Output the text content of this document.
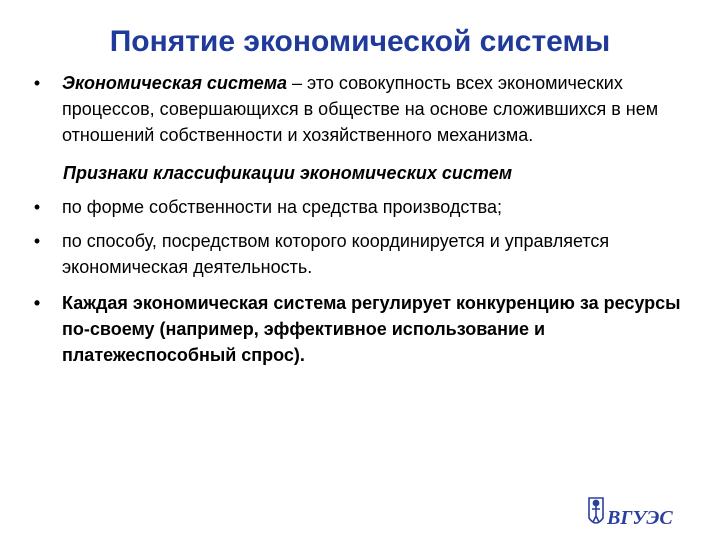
Понятие экономической системы
• Экономическая система – это совокупность всех экономических процессов, совершающихся в обществе на основе сложившихся в нем отношений собственности и хозяйственного механизма.
Признаки классификации экономических систем
• по форме собственности на средства производства;
• по способу, посредством которого координируется и управляется экономическая деятельность.
• Каждая экономическая система регулирует конкуренцию за ресурсы по-своему (например, эффективное использование и платежеспособный спрос).
ВГУЭС
